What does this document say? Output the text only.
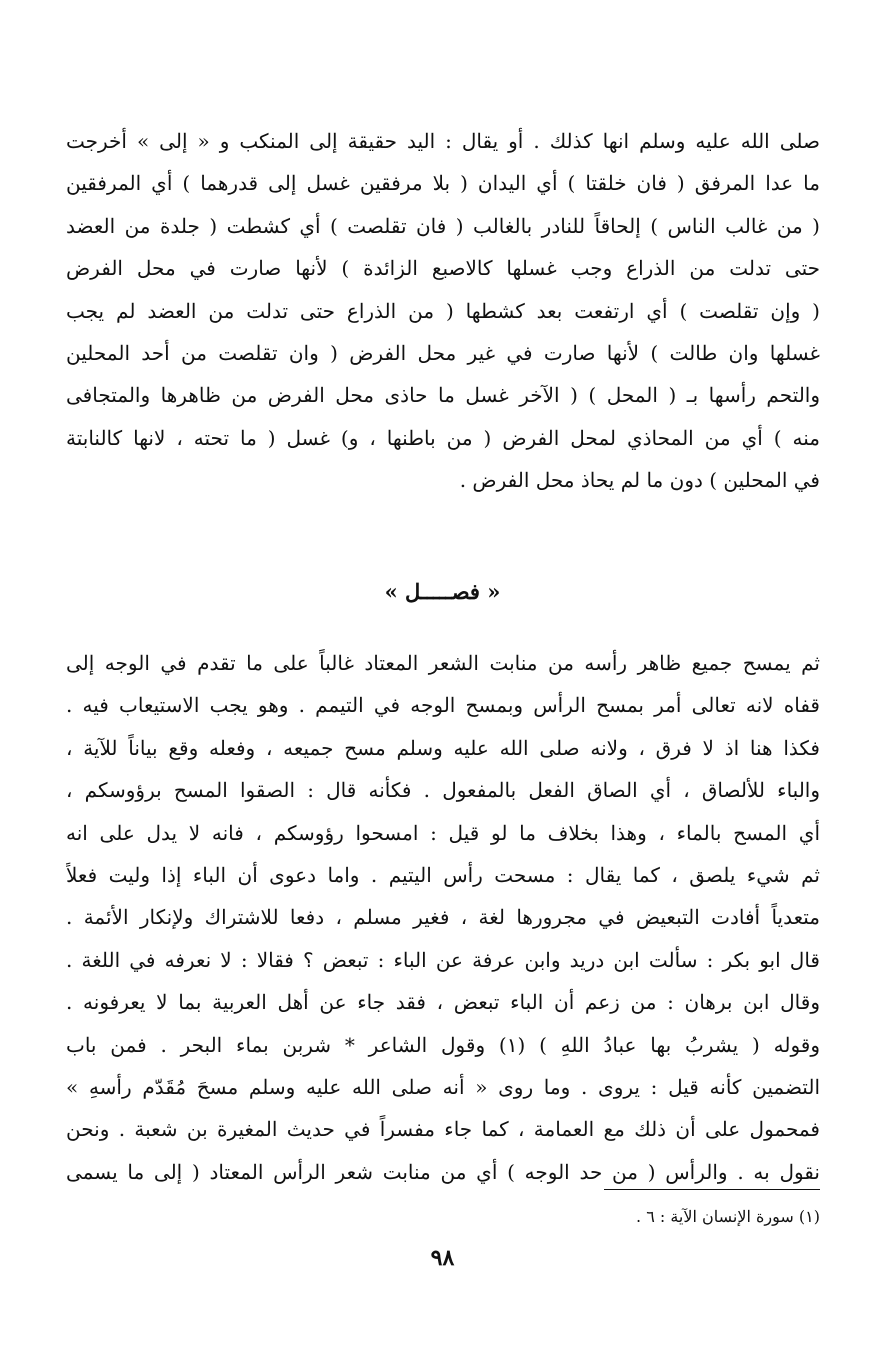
صلى الله عليه وسلم انها كذلك . أو يقال : اليد حقيقة إلى المنكب و « إلى » أخرجت
ما عدا المرفق ( فان خلقتا ) أي اليدان ( بلا مرفقين غسل إلى قدرهما ) أي المرفقين
( من غالب الناس ) إلحاقاً للنادر بالغالب ( فان تقلصت ) أي كشطت ( جلدة من العضد
حتى تدلت من الذراع وجب غسلها كالاصبع الزائدة ) لأنها صارت في محل الفرض
( وإن تقلصت ) أي ارتفعت بعد كشطها ( من الذراع حتى تدلت من العضد لم يجب
غسلها وان طالت ) لأنها صارت في غير محل الفرض ( وان تقلصت من أحد المحلين
والتحم رأسها بـ ( المحل ) ( الآخر غسل ما حاذى محل الفرض من ظاهرها والمتجافى
منه ) أي من المحاذي لمحل الفرض ( من باطنها ، و) غسل ( ما تحته ، لانها كالنابتة
في المحلين ) دون ما لم يحاذ محل الفرض .
« فصـــــل »
ثم يمسح جميع ظاهر رأسه من منابت الشعر المعتاد غالباً على ما تقدم في الوجه إلى
قفاه لانه تعالى أمر بمسح الرأس وبمسح الوجه في التيمم . وهو يجب الاستيعاب فيه .
فكذا هنا اذ لا فرق ، ولانه صلى الله عليه وسلم مسح جميعه ، وفعله وقع بياناً للآية ،
والباء للألصاق ، أي الصاق الفعل بالمفعول . فكأنه قال : الصقوا المسح برؤوسكم ،
أي المسح بالماء ، وهذا بخلاف ما لو قيل : امسحوا رؤوسكم ، فانه لا يدل على انه
ثم شيء يلصق ، كما يقال : مسحت رأس اليتيم . واما دعوى أن الباء إذا وليت فعلاً
متعدياً أفادت التبعيض في مجرورها لغة ، فغير مسلم ، دفعا للاشتراك ولإنكار الأئمة .
قال ابو بكر : سألت ابن دريد وابن عرفة عن الباء : تبعض ؟ فقالا : لا نعرفه في اللغة .
وقال ابن برهان : من زعم أن الباء تبعض ، فقد جاء عن أهل العربية بما لا يعرفونه .
وقوله ( يشربُ بها عبادُ اللهِ ) (١) وقول الشاعر * شربن بماء البحر . فمن باب
التضمين كأنه قيل : يروى . وما روى « أنه صلى الله عليه وسلم مسحَ مُقَدّم رأسهِ »
فمحمول على أن ذلك مع العمامة ، كما جاء مفسراً في حديث المغيرة بن شعبة . ونحن
نقول به . والرأس ( من حد الوجه ) أي من منابت شعر الرأس المعتاد ( إلى ما يسمى
(١) سورة الإنسان الآية : ٦ .
٩٨
